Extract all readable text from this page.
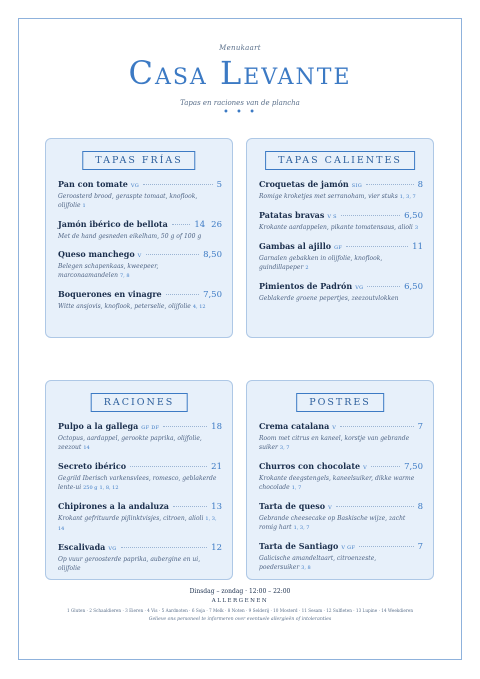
Menukaart
Casa Levante
Tapas en raciones van de plancha
• • •
TAPAS FRÍAS
Pan con tomate VG	5
Geroosterd brood, geraspte tomaat, knoflook, olijfolie 1
Jamón ibérico de bellota	14 26
Met de hand gesneden eikelham, 50 g of 100 g
Queso manchego V	8,50
Belegen schapenkaas, kweepeer, marconaamandelen 7, 8
Boquerones en vinagre	7,50
Witte ansjovis, knoflook, peterselie, olijfolie 4, 12
TAPAS CALIENTES
Croquetas de jamón SIG	8
Romige kroketjes met serranoham, vier stuks 1, 3, 7
Patatas bravas V S	6,50
Krokante aardappelen, pikante tomatensaus, alioli 3
Gambas al ajillo GF	11
Garnalen gebakken in olijfolie, knoflook, guindillapeper 2
Pimientos de Padrón VG	6,50
Geblakerde groene pepertjes, zeezoutvlokken
RACIONES
Pulpo a la gallega GF DF	18
Octopus, aardappel, gerookte paprika, olijfolie, zeezout 14
Secreto ibérico	21
Gegrild Iberisch varkensvlees, romesco, geblakerde lente-ui 250 g 1, 8, 12
Chipirones a la andaluza	13
Krokant gefrituurde pijlinktvisjes, citroen, alioli 1, 3, 14
Escalivada VG	12
Op vuur geroosterde paprika, aubergine en ui, olijfolie
POSTRES
Crema catalana V	7
Room met citrus en kaneel, korstje van gebrande suiker 3, 7
Churros con chocolate V	7,50
Krokante deegstengels, kaneelsuiker, dikke warme chocolade 1, 7
Tarta de queso V	8
Gebrande cheesecake op Baskische wijze, zacht romig hart 1, 3, 7
Tarta de Santiago V GF	7
Galicische amandeltaart, citroenzeste, poedersuiker 3, 8
Dinsdag – zondag · 12:00 – 22:00
ALLERGENEN
1 Gluten · 2 Schaaldieren · 3 Eieren · 4 Vis · 5 Aardnoten · 6 Soja · 7 Melk · 8 Noten · 9 Selderij · 10 Mosterd · 11 Sesam · 12 Sulfieten · 13 Lupine · 14 Weekdieren
Gelieve ons personeel te informeren over eventuele allergieën of intoleranties
